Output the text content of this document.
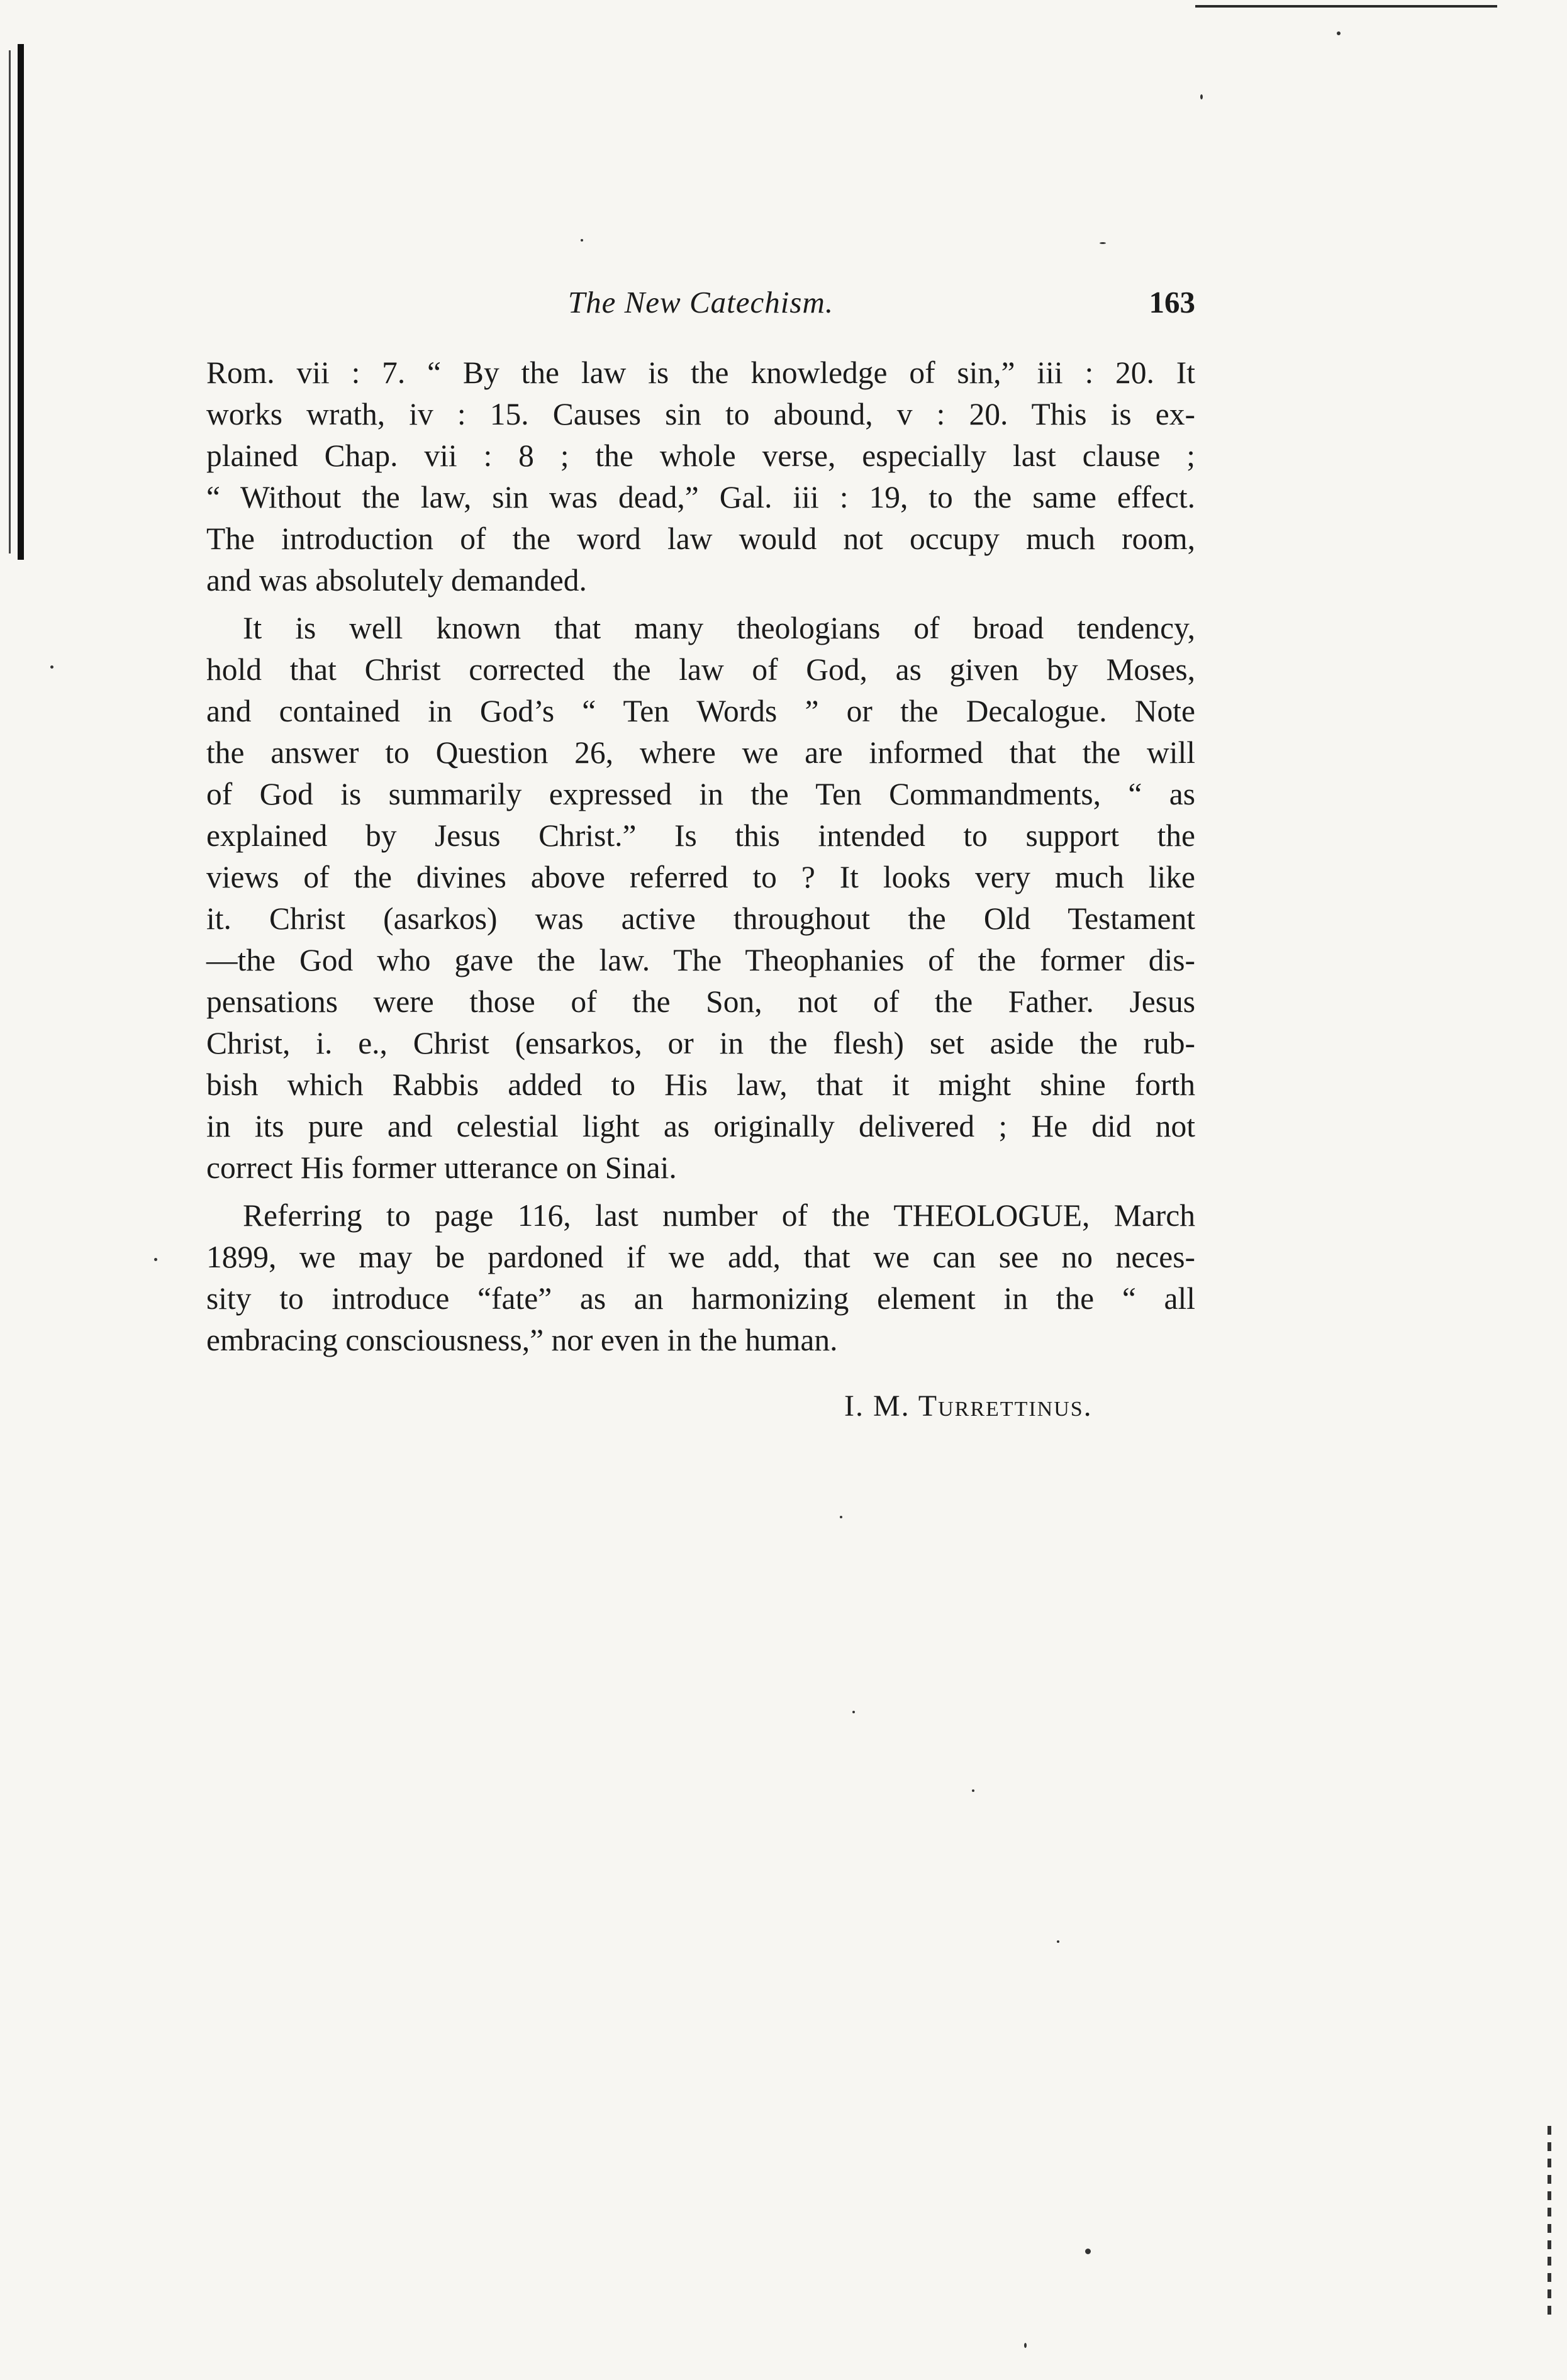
The New Catechism.	163

Rom. vii : 7. “ By the law is the knowledge of sin,” iii : 20. It
works wrath, iv : 15. Causes sin to abound, v : 20. This is ex-
plained Chap. vii : 8 ; the whole verse, especially last clause ;
“ Without the law, sin was dead,” Gal. iii : 19, to the same effect.
The introduction of the word law would not occupy much room,
and was absolutely demanded.

It is well known that many theologians of broad tendency,
hold that Christ corrected the law of God, as given by Moses,
and contained in God’s “ Ten Words ” or the Decalogue. Note
the answer to Question 26, where we are informed that the will
of God is summarily expressed in the Ten Commandments, “ as
explained by Jesus Christ.” Is this intended to support the
views of the divines above referred to ? It looks very much like
it. Christ (asarkos) was active throughout the Old Testament
—the God who gave the law. The Theophanies of the former dis-
pensations were those of the Son, not of the Father. Jesus
Christ, i. e., Christ (ensarkos, or in the flesh) set aside the rub-
bish which Rabbis added to His law, that it might shine forth
in its pure and celestial light as originally delivered ; He did not
correct His former utterance on Sinai.

Referring to page 116, last number of the THEOLOGUE, March
1899, we may be pardoned if we add, that we can see no neces-
sity to introduce “fate” as an harmonizing element in the “ all
embracing consciousness,” nor even in the human.

I. M. Turrettinus.
